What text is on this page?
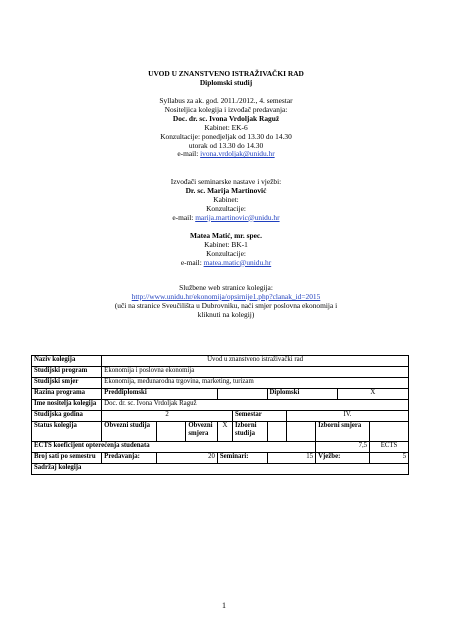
UVOD U ZNANSTVENO ISTRAŽIVAČKI RAD
Diplomski studij
Syllabus za ak. god. 2011./2012., 4. semestar
Nositeljica kolegija i izvođač predavanja:
Doc. dr. sc. Ivona Vrdoljak Raguž
Kabinet: EK-6
Konzultacije: ponedjeljak od 13.30 do 14.30
utorak od 13.30 do 14.30
e-mail: ivona.vrdoljak@unidu.hr
Izvođači seminarske nastave i vježbi:
Dr. sc. Marija Martinović
Kabinet:
Konzultacije:
e-mail: marija.martinovic@unidu.hr
Matea Matić, mr. spec.
Kabinet: BK-1
Konzultacije:
e-mail: matea.matic@unidu.hr
Službene web stranice kolegija:
http://www.unidu.hr/ekonomija/opsirnije1.php?clanak_id=2015
(uči na stranice Sveučilišta u Dubrovniku, naći smjer poslovna ekonomija i
kliknuti na kolegij)
Naziv kolegija	Uvod u znanstveno istraživački rad									
Studijski program	Ekonomija i poslovna ekonomija									
Studijski smjer	Ekonomija, međunarodna trgovina, marketing, turizam									
Razina programa	Preddiplomski					Diplomski			X	
Ime nositelja kolegija	Doc. dr. sc. Ivona Vrdoljak Raguž									
Studijska godina	2				Semestar		IV.			
Status kolegija	Obvezni studija		Obvezni smjera	X	Izborni studija			Izborni smjera		
ECTS koeficijent opterećenja studenata								7,5		ECTS
Broj sati po semestru	Predavanja:	20		Seminari:		15		Vježbe:		5
Sadržaj kolegija										
1
